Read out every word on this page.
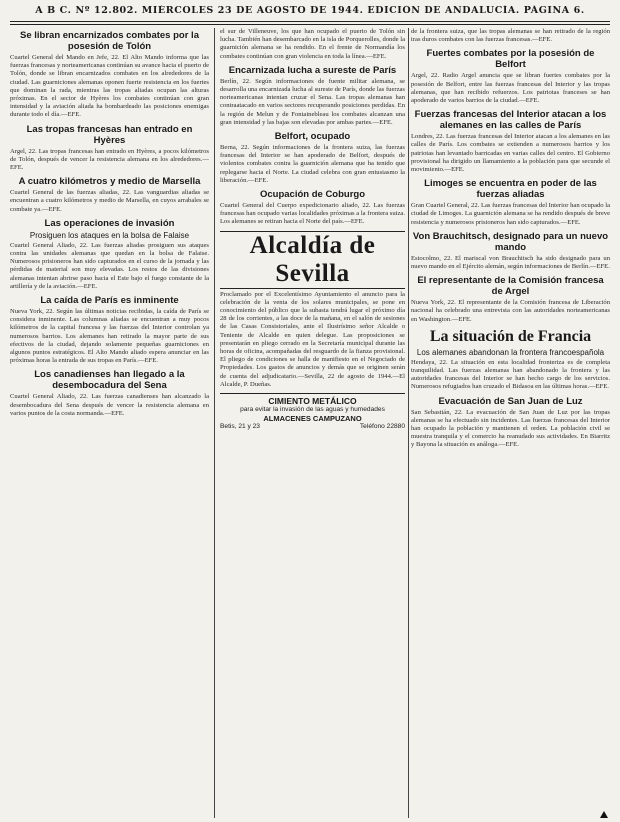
A B C. Nº 12.802. MIÉRCOLES 23 DE AGOSTO DE 1944. EDICIÓN DE ANDALUCÍA. PÁGINA 6.
Se libran encarnizados combates por la posesión de Tolón

Cuartel General del Mando en Jefe, 22. El Alto Mando informa que las fuerzas francesas y norteamericanas continúan su avance hacia el puerto de Tolón, donde se libran encarnizados combates en los alrededores de la ciudad. Las guarniciones alemanas oponen fuerte resistencia en los fuertes que dominan la rada, mientras las tropas aliadas ocupan las alturas próximas. En el sector de Hyères los combates continúan con gran intensidad y la aviación aliada ha bombardeado las posiciones enemigas durante todo el día.—EFE.

Las tropas francesas han entrado en Hyères

Argel, 22. Las tropas francesas han entrado en Hyères, a pocos kilómetros de Tolón, después de vencer la resistencia alemana en los alrededores.—EFE.

A cuatro kilómetros y medio de Marsella

Cuartel General de las fuerzas aliadas, 22. Las vanguardias aliadas se encuentran a cuatro kilómetros y medio de Marsella, en cuyos arrabales se combate ya.—EFE.

Las operaciones de invasión
Prosiguen los ataques en la bolsa de Falaise

Cuartel General Aliado, 22. Las fuerzas aliadas prosiguen sus ataques contra las unidades alemanas que quedan en la bolsa de Falaise. Numerosos prisioneros han sido capturados en el curso de la jornada y las pérdidas de material son muy elevadas. Los restos de las divisiones alemanas intentan abrirse paso hacia el Este bajo el fuego constante de la artillería y de la aviación.—EFE.

La caída de París es inminente

Nueva York, 22. Según las últimas noticias recibidas, la caída de París se considera inminente. Las columnas aliadas se encuentran a muy pocos kilómetros de la capital francesa y las fuerzas del Interior controlan ya numerosos barrios. Los alemanes han retirado la mayor parte de sus efectivos de la ciudad, dejando solamente pequeñas guarniciones en algunos puntos estratégicos. El Alto Mando aliado espera anunciar en las próximas horas la entrada de sus tropas en París.—EFE.

Los canadienses han llegado a la desembocadura del Sena

Cuartel General Aliado, 22. Las fuerzas canadienses han alcanzado la desembocadura del Sena después de vencer la resistencia alemana en varios puntos de la costa normanda.—EFE.

el sur de Villeneuve, los que han ocupado el puerto de Tolón sin lucha. También han desembarcado en la isla de Porquerolles, donde la guarnición alemana se ha rendido. En el frente de Normandía los combates continúan con gran violencia en toda la línea.—EFE.

Encarnizada lucha a sureste de París

Berlín, 22. Según informaciones de fuente militar alemana, se desarrolla una encarnizada lucha al sureste de París, donde las fuerzas norteamericanas intentan cruzar el Sena. Las tropas alemanas han contraatacado en varios sectores recuperando posiciones perdidas. En la región de Melun y de Fontainebleau los combates alcanzan una gran intensidad y las bajas son elevadas por ambas partes.—EFE.

Belfort, ocupado

Berna, 22. Según informaciones de la frontera suiza, las fuerzas francesas del Interior se han apoderado de Belfort, después de violentos combates contra la guarnición alemana que ha tenido que replegarse hacia el Norte. La ciudad celebra con gran entusiasmo la liberación.—EFE.

Ocupación de Coburgo

Cuartel General del Cuerpo expedicionario aliado, 22. Las fuerzas francesas han ocupado varias localidades próximas a la frontera suiza. Los alemanes se retiran hacia el Norte del país.—EFE.

Alcaldía de Sevilla

Proclamado por el Excelentísimo Ayuntamiento el anuncio para la celebración de la venta de los solares municipales, se pone en conocimiento del público que la subasta tendrá lugar el próximo día 28 de los corrientes, a las doce de la mañana, en el salón de sesiones de las Casas Consistoriales, ante el Ilustrísimo señor Alcalde o Teniente de Alcalde en quien delegue. Las proposiciones se presentarán en pliego cerrado en la Secretaría municipal durante las horas de oficina, acompañadas del resguardo de la fianza provisional. El pliego de condiciones se halla de manifiesto en el Negociado de Propiedades. Los gastos de anuncios y demás que se originen serán de cuenta del adjudicatario.—Sevilla, 22 de agosto de 1944.—El Alcalde, P. Dueñas.

CIMIENTO METÁLICO
para evitar la invasión de las aguas y humedades
ALMACENES CAMPUZANO
Betis, 21 y 23	Teléfono 22880

de la frontera suiza, que las tropas alemanas se han retirado de la región tras duros combates con las fuerzas francesas.—EFE.

Fuertes combates por la posesión de Belfort

Argel, 22. Radio Argel anuncia que se libran fuertes combates por la posesión de Belfort, entre las fuerzas francesas del Interior y las tropas alemanas, que han recibido refuerzos. Los patriotas franceses se han apoderado de varios barrios de la ciudad.—EFE.

Fuerzas francesas del Interior atacan a los alemanes en las calles de París

Londres, 22. Las fuerzas francesas del Interior atacan a los alemanes en las calles de París. Los combates se extienden a numerosos barrios y los patriotas han levantado barricadas en varias calles del centro. El Gobierno provisional ha dirigido un llamamiento a la población para que secunde el movimiento.—EFE.

Limoges se encuentra en poder de las fuerzas aliadas

Gran Cuartel General, 22. Las fuerzas francesas del Interior han ocupado la ciudad de Limoges. La guarnición alemana se ha rendido después de breve resistencia y numerosos prisioneros han sido capturados.—EFE.

Von Brauchitsch, designado para un nuevo mando

Estocolmo, 22. El mariscal von Brauchitsch ha sido designado para un nuevo mando en el Ejército alemán, según informaciones de Berlín.—EFE.

El representante de la Comisión francesa de Argel

Nueva York, 22. El representante de la Comisión francesa de Liberación nacional ha celebrado una entrevista con las autoridades norteamericanas en Washington.—EFE.

La situación de Francia
Los alemanes abandonan la frontera francoespañola

Hendaya, 22. La situación en esta localidad fronteriza es de completa tranquilidad. Las fuerzas alemanas han abandonado la frontera y las autoridades francesas del Interior se han hecho cargo de los servicios. Numerosos refugiados han cruzado el Bidasoa en las últimas horas.—EFE.

Evacuación de San Juan de Luz

San Sebastián, 22. La evacuación de San Juan de Luz por las tropas alemanas se ha efectuado sin incidentes. Las fuerzas francesas del Interior han ocupado la población y mantienen el orden. La población civil se muestra tranquila y el comercio ha reanudado sus actividades. En Biarritz y Bayona la situación es análoga.—EFE.
